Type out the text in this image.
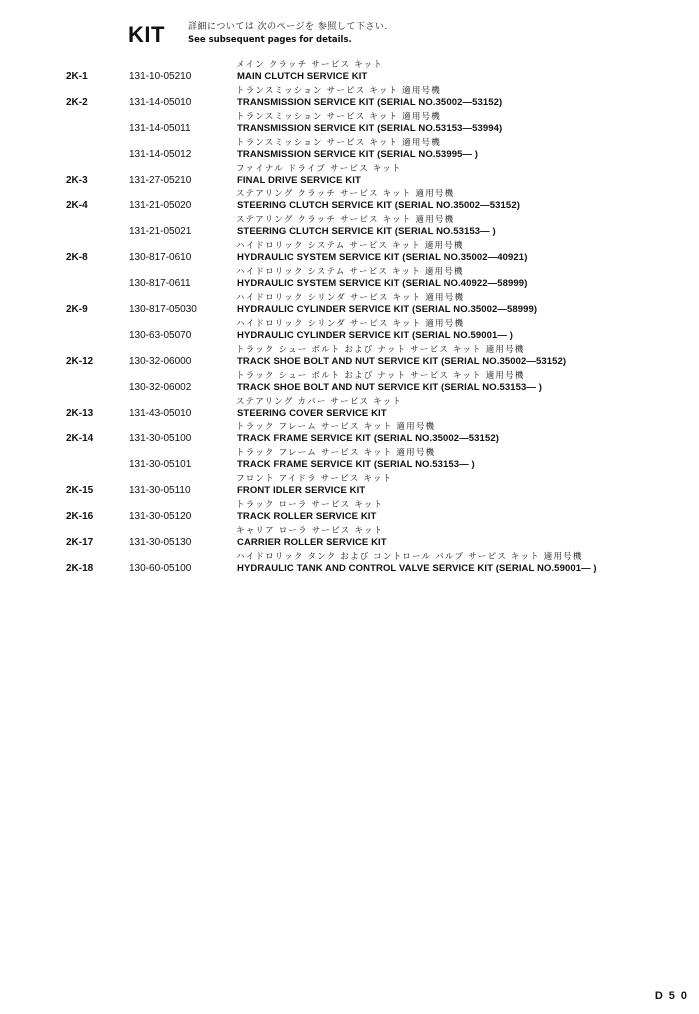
KIT	詳細については 次のページを 参照して下さい.
See subsequent pages for details.
メイン クラッチ サービス キット
2K-1	131-10-05210	MAIN CLUTCH SERVICE KIT
トランスミッション サービス キット 適用号機
2K-2	131-14-05010	TRANSMISSION SERVICE KIT (SERIAL NO.35002—53152)
トランスミッション サービス キット 適用号機
131-14-05011	TRANSMISSION SERVICE KIT (SERIAL NO.53153—53994)
トランスミッション サービス キット 適用号機
131-14-05012	TRANSMISSION SERVICE KIT (SERIAL NO.53995— )
ファイナル ドライブ サービス キット
2K-3	131-27-05210	FINAL DRIVE SERVICE KIT
ステアリング クラッチ サービス キット 適用号機
2K-4	131-21-05020	STEERING CLUTCH SERVICE KIT (SERIAL NO.35002—53152)
ステアリング クラッチ サービス キット 適用号機
131-21-05021	STEERING CLUTCH SERVICE KIT (SERIAL NO.53153— )
ハイドロリック システム サービス キット 適用号機
2K-8	130-817-0610	HYDRAULIC SYSTEM SERVICE KIT (SERIAL NO.35002—40921)
ハイドロリック システム サービス キット 適用号機
130-817-0611	HYDRAULIC SYSTEM SERVICE KIT (SERIAL NO.40922—58999)
ハイドロリック シリンダ サービス キット 適用号機
2K-9	130-817-05030	HYDRAULIC CYLINDER SERVICE KIT (SERIAL NO.35002—58999)
ハイドロリック シリンダ サービス キット 適用号機
130-63-05070	HYDRAULIC CYLINDER SERVICE KIT (SERIAL NO.59001— )
トラック シュー ボルト および ナット サービス キット 適用号機
2K-12	130-32-06000	TRACK SHOE BOLT AND NUT SERVICE KIT (SERIAL NO.35002—53152)
トラック シュー ボルト および ナット サービス キット 適用号機
130-32-06002	TRACK SHOE BOLT AND NUT SERVICE KIT (SERIAL NO.53153— )
ステアリング カバー サービス キット
2K-13	131-43-05010	STEERING COVER SERVICE KIT
トラック フレーム サービス キット 適用号機
2K-14	131-30-05100	TRACK FRAME SERVICE KIT (SERIAL NO.35002—53152)
トラック フレーム サービス キット 適用号機
131-30-05101	TRACK FRAME SERVICE KIT (SERIAL NO.53153— )
フロント アイドラ サービス キット
2K-15	131-30-05110	FRONT IDLER SERVICE KIT
トラック ローラ サービス キット
2K-16	131-30-05120	TRACK ROLLER SERVICE KIT
キャリア ローラ サービス キット
2K-17	131-30-05130	CARRIER ROLLER SERVICE KIT
ハイドロリック タンク および コントロール バルブ サービス キット 適用号機
2K-18	130-60-05100	HYDRAULIC TANK AND CONTROL VALVE SERVICE KIT (SERIAL NO.59001— )
D50
